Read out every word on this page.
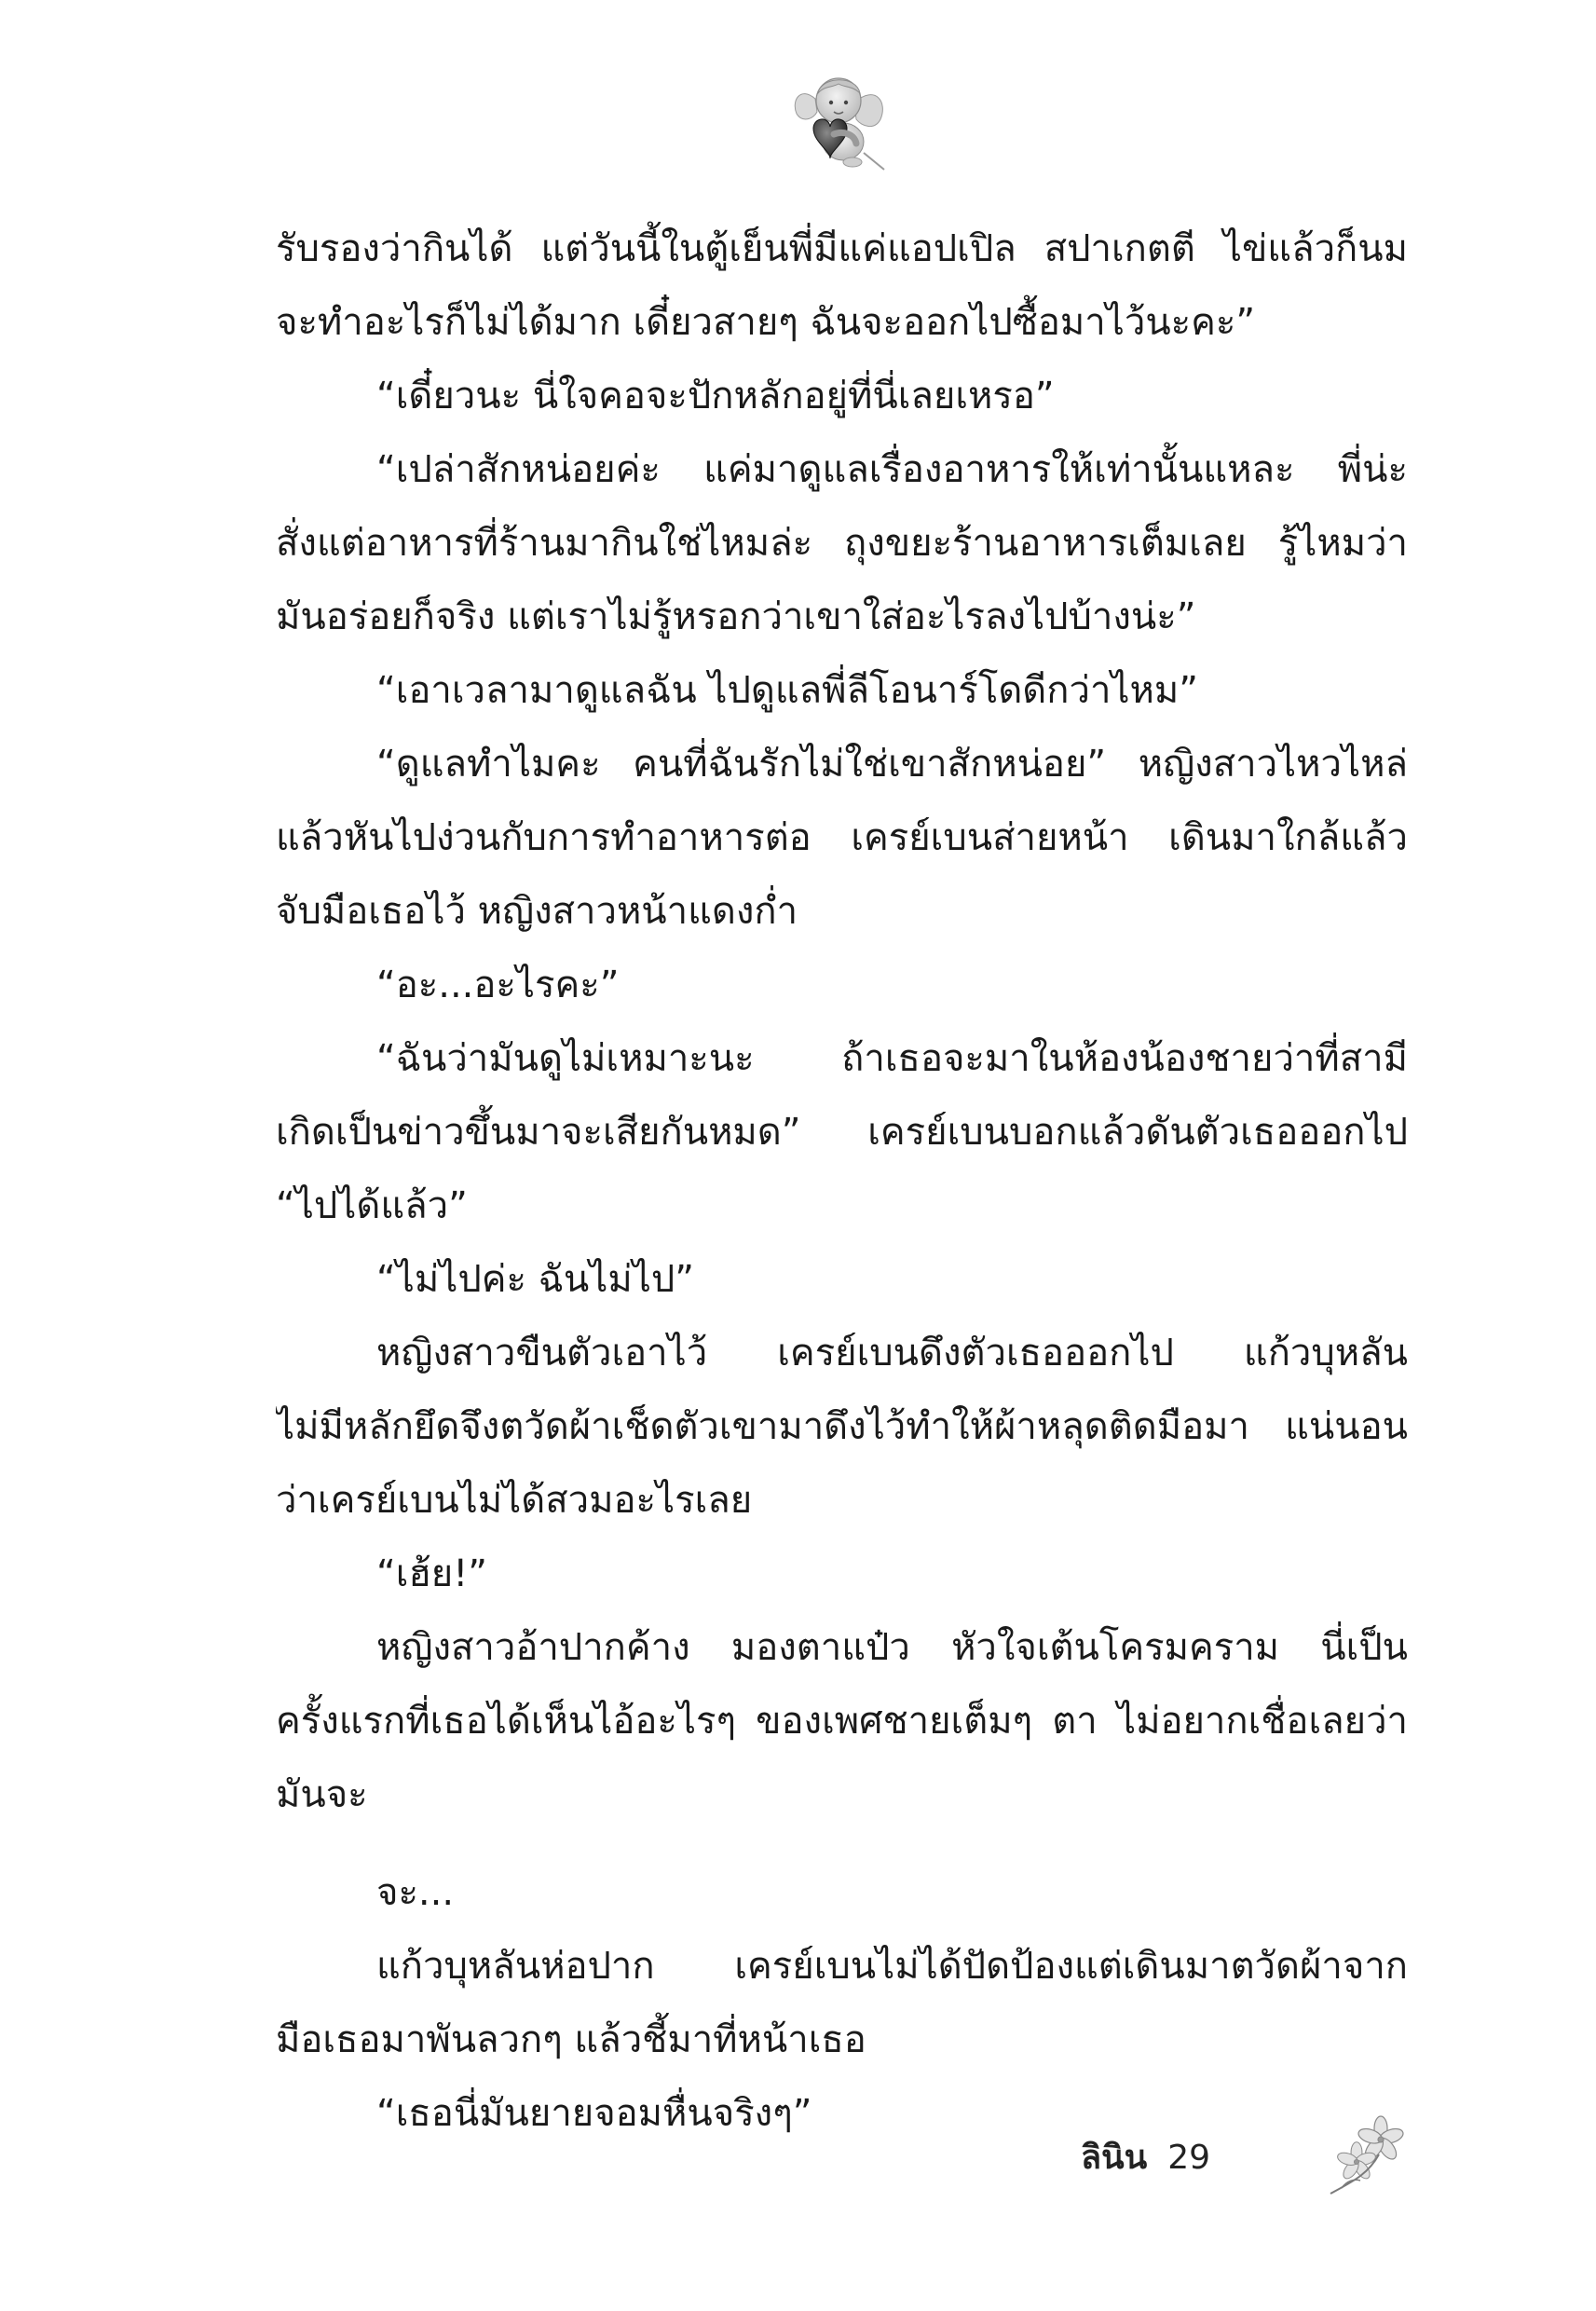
รับรองว่ากินได้ แต่วันนี้ในตู้เย็นพี่มีแค่แอปเปิล สปาเกตตี ไข่แล้วก็นม
จะทำอะไรก็ไม่ได้มาก เดี๋ยวสายๆ ฉันจะออกไปซื้อมาไว้นะคะ”
“เดี๋ยวนะ นี่ใจคอจะปักหลักอยู่ที่นี่เลยเหรอ”
“เปล่าสักหน่อยค่ะ แค่มาดูแลเรื่องอาหารให้เท่านั้นแหละ พี่น่ะ
สั่งแต่อาหารที่ร้านมากินใช่ไหมล่ะ ถุงขยะร้านอาหารเต็มเลย รู้ไหมว่า
มันอร่อยก็จริง แต่เราไม่รู้หรอกว่าเขาใส่อะไรลงไปบ้างน่ะ”
“เอาเวลามาดูแลฉัน ไปดูแลพี่ลีโอนาร์โดดีกว่าไหม”
“ดูแลทำไมคะ คนที่ฉันรักไม่ใช่เขาสักหน่อย” หญิงสาวไหวไหล่
แล้วหันไปง่วนกับการทำอาหารต่อ เครย์เบนส่ายหน้า เดินมาใกล้แล้ว
จับมือเธอไว้ หญิงสาวหน้าแดงก่ำ
“อะ...อะไรคะ”
“ฉันว่ามันดูไม่เหมาะนะ ถ้าเธอจะมาในห้องน้องชายว่าที่สามี
เกิดเป็นข่าวขึ้นมาจะเสียกันหมด” เครย์เบนบอกแล้วดันตัวเธอออกไป
“ไปได้แล้ว”
“ไม่ไปค่ะ ฉันไม่ไป”
หญิงสาวขืนตัวเอาไว้ เครย์เบนดึงตัวเธอออกไป แก้วบุหลัน
ไม่มีหลักยึดจึงตวัดผ้าเช็ดตัวเขามาดึงไว้ทำให้ผ้าหลุดติดมือมา แน่นอน
ว่าเครย์เบนไม่ได้สวมอะไรเลย
“เฮ้ย!”
หญิงสาวอ้าปากค้าง มองตาแป๋ว หัวใจเต้นโครมคราม นี่เป็น
ครั้งแรกที่เธอได้เห็นไอ้อะไรๆ ของเพศชายเต็มๆ ตา ไม่อยากเชื่อเลยว่า
มันจะ
จะ...
แก้วบุหลันห่อปาก เครย์เบนไม่ได้ปัดป้องแต่เดินมาตวัดผ้าจาก
มือเธอมาพันลวกๆ แล้วชี้มาที่หน้าเธอ
“เธอนี่มันยายจอมหื่นจริงๆ”
ลินิน 29
